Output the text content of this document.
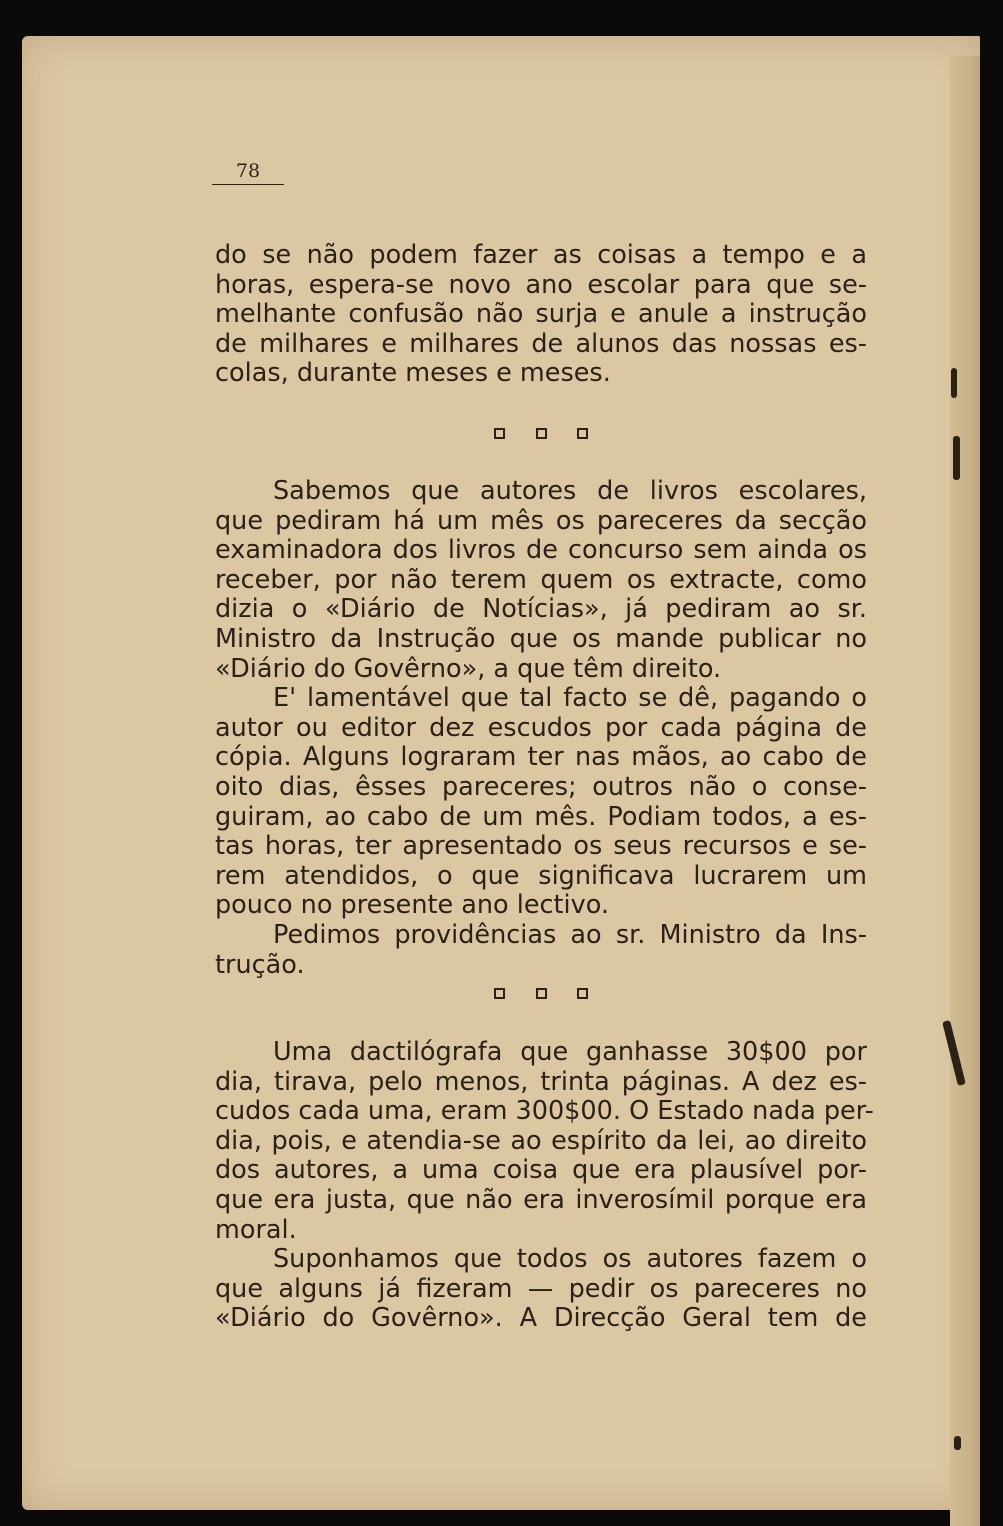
78
do se não podem fazer as coisas a tempo e a
horas, espera-se novo ano escolar para que se-
melhante confusão não surja e anule a instrução
de milhares e milhares de alunos das nossas es-
colas, durante meses e meses.
Sabemos que autores de livros escolares,
que pediram há um mês os pareceres da secção
examinadora dos livros de concurso sem ainda os
receber, por não terem quem os extracte, como
dizia o «Diário de Notícias», já pediram ao sr.
Ministro da Instrução que os mande publicar no
«Diário do Govêrno», a que têm direito.
E' lamentável que tal facto se dê, pagando o
autor ou editor dez escudos por cada página de
cópia. Alguns lograram ter nas mãos, ao cabo de
oito dias, êsses pareceres; outros não o conse-
guiram, ao cabo de um mês. Podiam todos, a es-
tas horas, ter apresentado os seus recursos e se-
rem atendidos, o que significava lucrarem um
pouco no presente ano lectivo.
Pedimos providências ao sr. Ministro da Ins-
trução.
Uma dactilógrafa que ganhasse 30$00 por
dia, tirava, pelo menos, trinta páginas. A dez es-
cudos cada uma, eram 300$00. O Estado nada per-
dia, pois, e atendia-se ao espírito da lei, ao direito
dos autores, a uma coisa que era plausível por-
que era justa, que não era inverosímil porque era
moral.
Suponhamos que todos os autores fazem o
que alguns já fizeram — pedir os pareceres no
«Diário do Govêrno». A Direcção Geral tem de
